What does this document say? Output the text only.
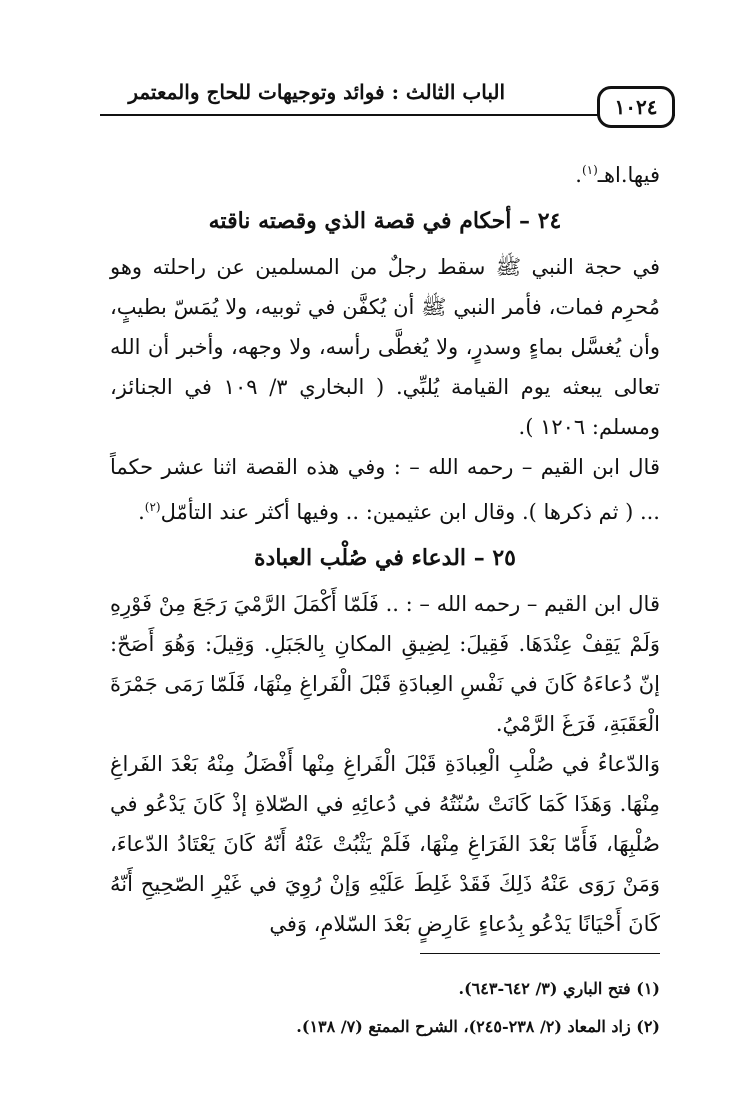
الباب الثالث : فوائد وتوجيهات للحاج والمعتمر
١٠٢٤
فيها.اهـ$^{(١)}$.
٢٤ – أحكام في قصة الذي وقصته ناقته
في حجة النبي ﷺ سقط رجلٌ من المسلمين عن راحلته وهو مُحرِم فمات، فأمر النبي ﷺ أن يُكفَّن في ثوبيه، ولا يُمَسّ بطيبٍ، وأن يُغسَّل بماءٍ وسدرٍ، ولا يُغطَّى رأسه، ولا وجهه، وأخبر أن الله تعالى يبعثه يوم القيامة يُلبِّي. ( البخاري ٣/ ١٠٩ في الجنائز، ومسلم: ١٢٠٦ ).
قال ابن القيم – رحمه الله – : وفي هذه القصة اثنا عشر حكماً ... ( ثم ذكرها ). وقال ابن عثيمين: .. وفيها أكثر عند التأمّل$^{(٢)}$.
٢٥ – الدعاء في صُلْب العبادة
قال ابن القيم – رحمه الله – : .. فَلَمّا أَكْمَلَ الرَّمْيَ رَجَعَ مِنْ فَوْرِهِ وَلَمْ يَقِفْ عِنْدَهَا. فَقِيلَ: لِضِيقِ المكانِ بِالجَبَلِ. وَقِيلَ: وَهُوَ أَصَحّ: إنّ دُعاءَهُ كَانَ في نَفْسِ العِبادَةِ قَبْلَ الْفَراغِ مِنْهَا، فَلَمّا رَمَى جَمْرَةَ الْعَقَبَةِ، فَرَغَ الرَّمْيُ.
وَالدّعاءُ في صُلْبِ الْعِبادَةِ قَبْلَ الْفَراغِ مِنْها أَفْضَلُ مِنْهُ بَعْدَ الفَراغِ مِنْهَا. وَهَذَا كَمَا كَانَتْ سُنّتُهُ في دُعائِهِ في الصّلاةِ إذْ كَانَ يَدْعُو في صُلْبِهَا، فَأَمّا بَعْدَ الفَرَاغِ مِنْهَا، فَلَمْ يَثْبُتْ عَنْهُ أَنّهُ كَانَ يَعْتَادُ الدّعاءَ، وَمَنْ رَوَى عَنْهُ ذَلِكَ فَقَدْ غَلِطَ عَلَيْهِ وَإنْ رُوِيَ في غَيْرِ الصّحِيحِ أَنّهُ كَانَ أَحْيَانًا يَدْعُو بِدُعاءٍ عَارِضٍ بَعْدَ السّلامِ، وَفي
(١) فتح الباري (٣/ ٦٤٢-٦٤٣).
(٢) زاد المعاد (٢/ ٢٣٨-٢٤٥)، الشرح الممتع (٧/ ١٣٨).
